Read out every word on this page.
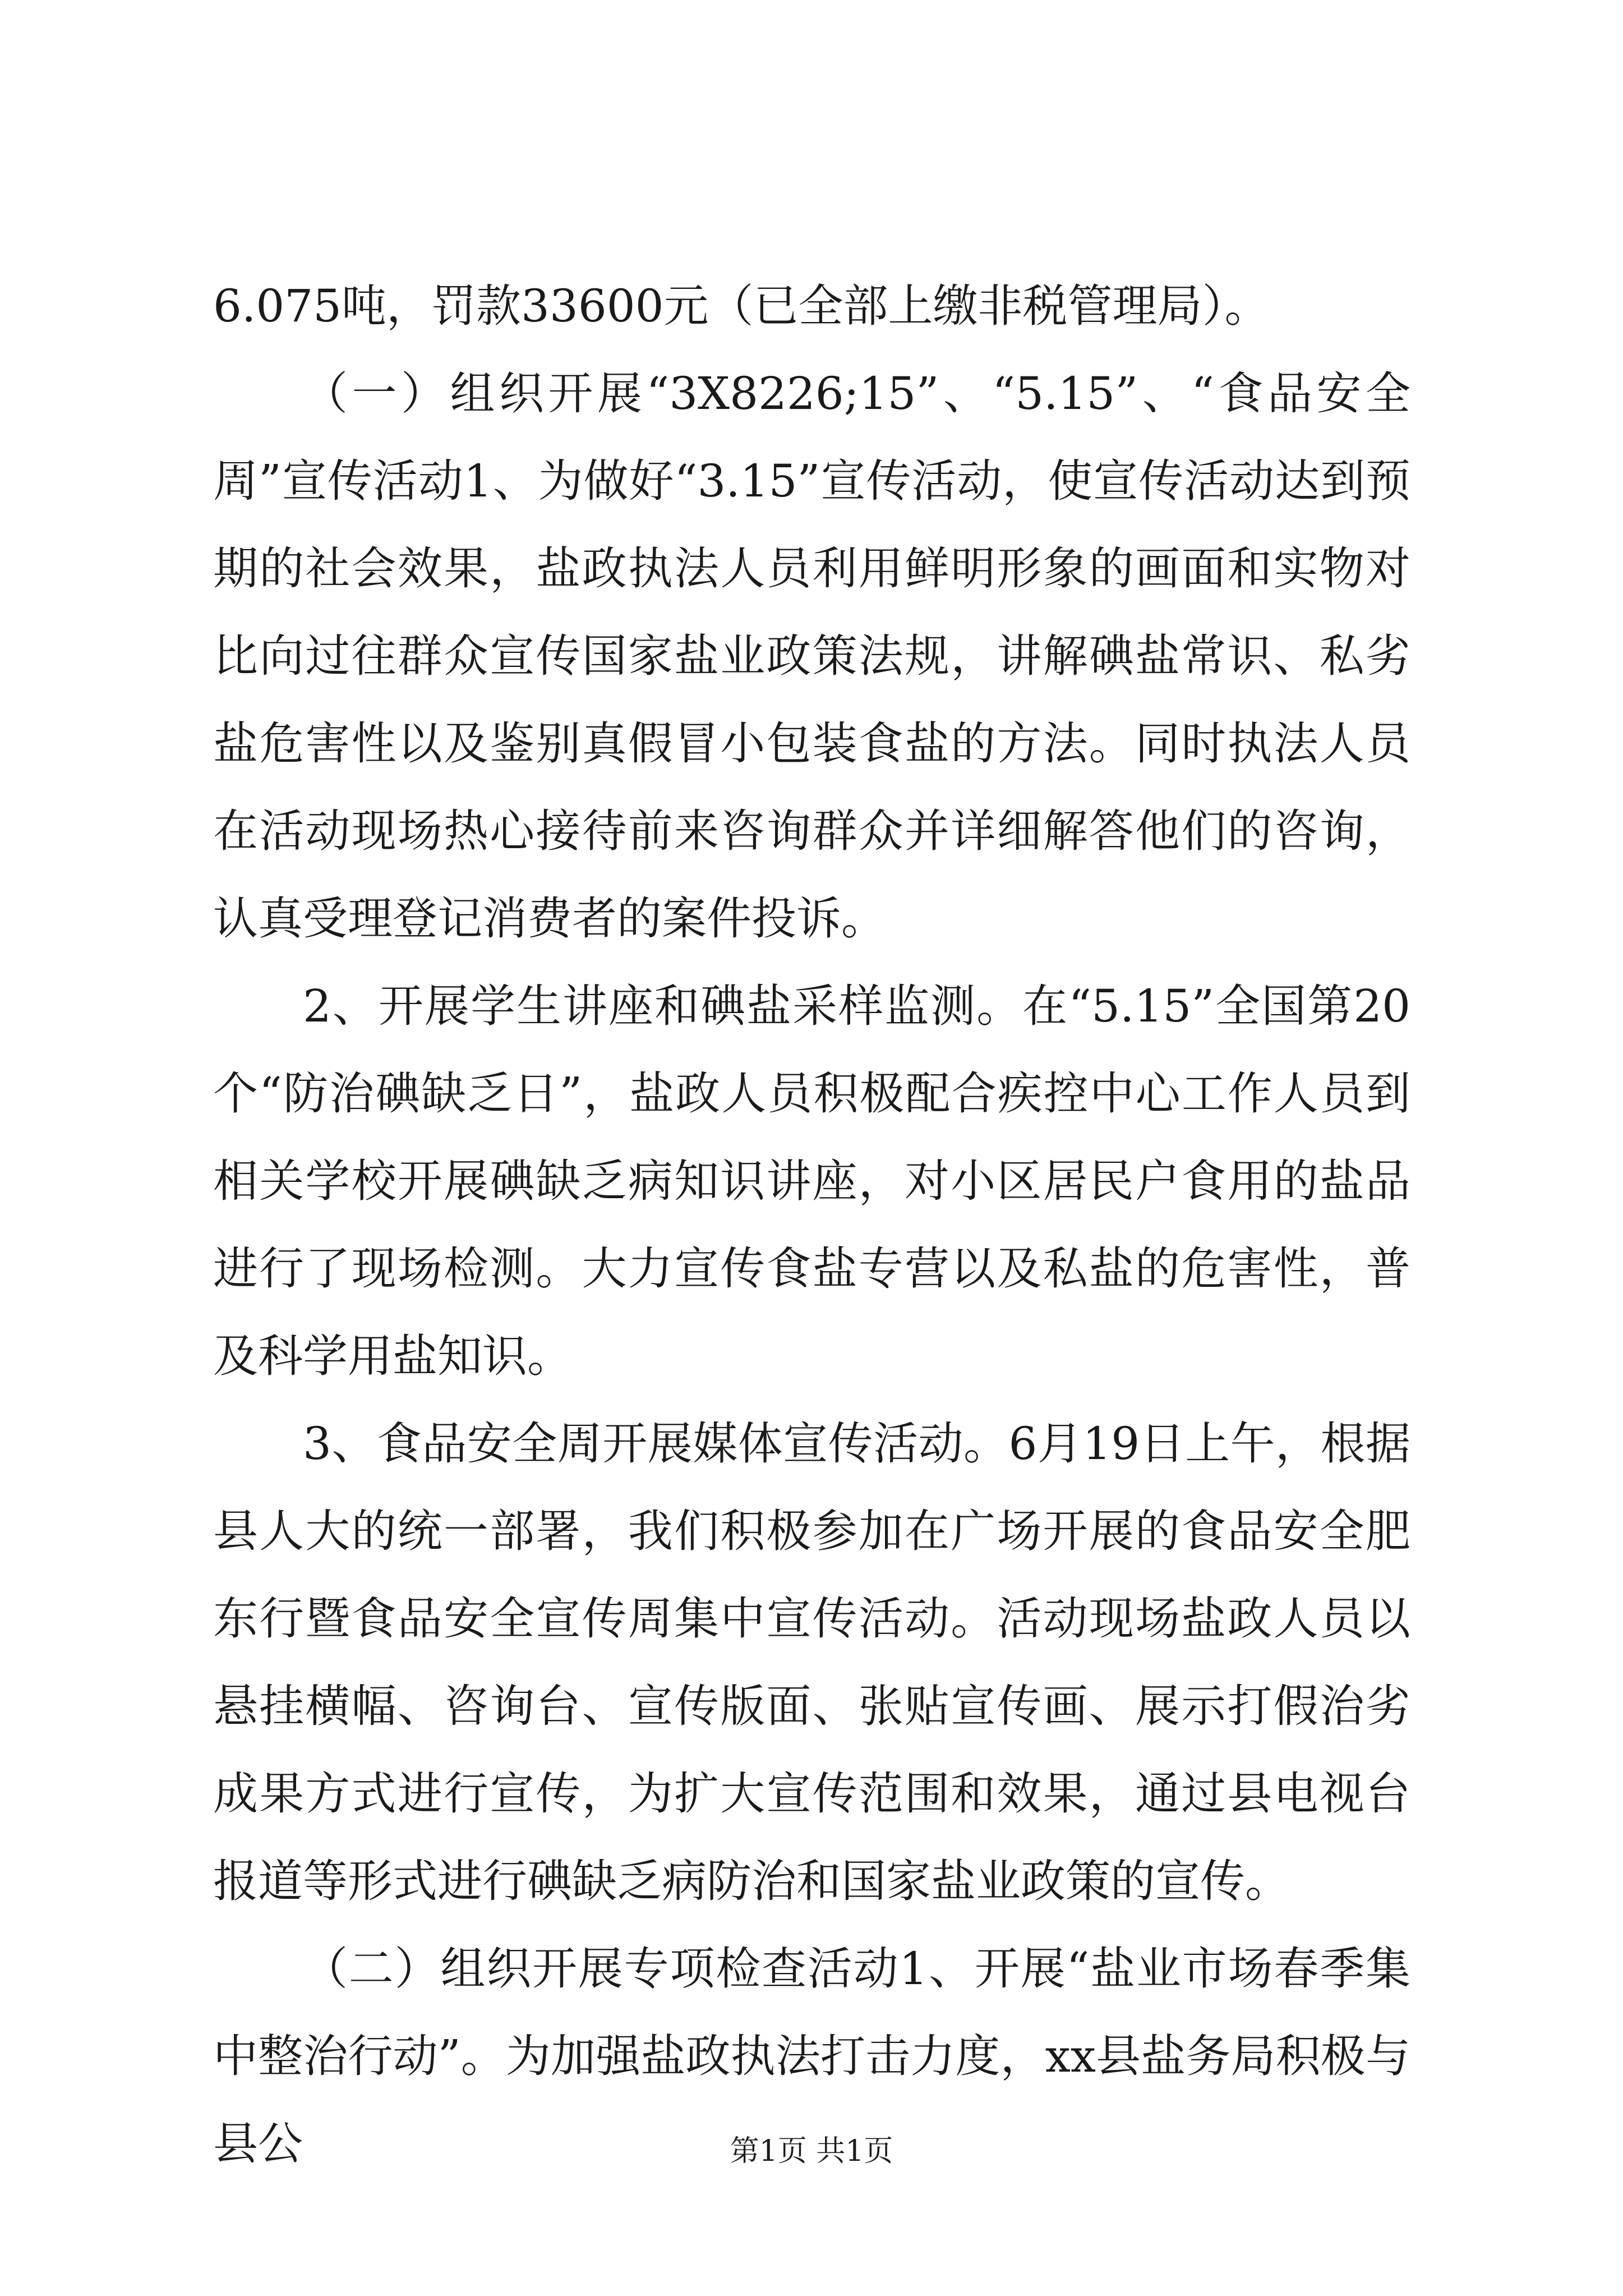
6.075吨，罚款33600元（已全部上缴非税管理局）。

（一）组织开展“3X8226;15”、“5.15”、“食品安全周”宣传活动1、为做好“3.15”宣传活动，使宣传活动达到预期的社会效果，盐政执法人员利用鲜明形象的画面和实物对比向过往群众宣传国家盐业政策法规，讲解碘盐常识、私劣盐危害性以及鉴别真假冒小包装食盐的方法。同时执法人员在活动现场热心接待前来咨询群众并详细解答他们的咨询，认真受理登记消费者的案件投诉。

2、开展学生讲座和碘盐采样监测。在“5.15”全国第20个“防治碘缺乏日”，盐政人员积极配合疾控中心工作人员到相关学校开展碘缺乏病知识讲座，对小区居民户食用的盐品进行了现场检测。大力宣传食盐专营以及私盐的危害性，普及科学用盐知识。

3、食品安全周开展媒体宣传活动。6月19日上午，根据县人大的统一部署，我们积极参加在广场开展的食品安全肥东行暨食品安全宣传周集中宣传活动。活动现场盐政人员以悬挂横幅、咨询台、宣传版面、张贴宣传画、展示打假治劣成果方式进行宣传，为扩大宣传范围和效果，通过县电视台报道等形式进行碘缺乏病防治和国家盐业政策的宣传。

（二）组织开展专项检查活动1、开展“盐业市场春季集中整治行动”。为加强盐政执法打击力度，xx县盐务局积极与县公	第1页 共1页
